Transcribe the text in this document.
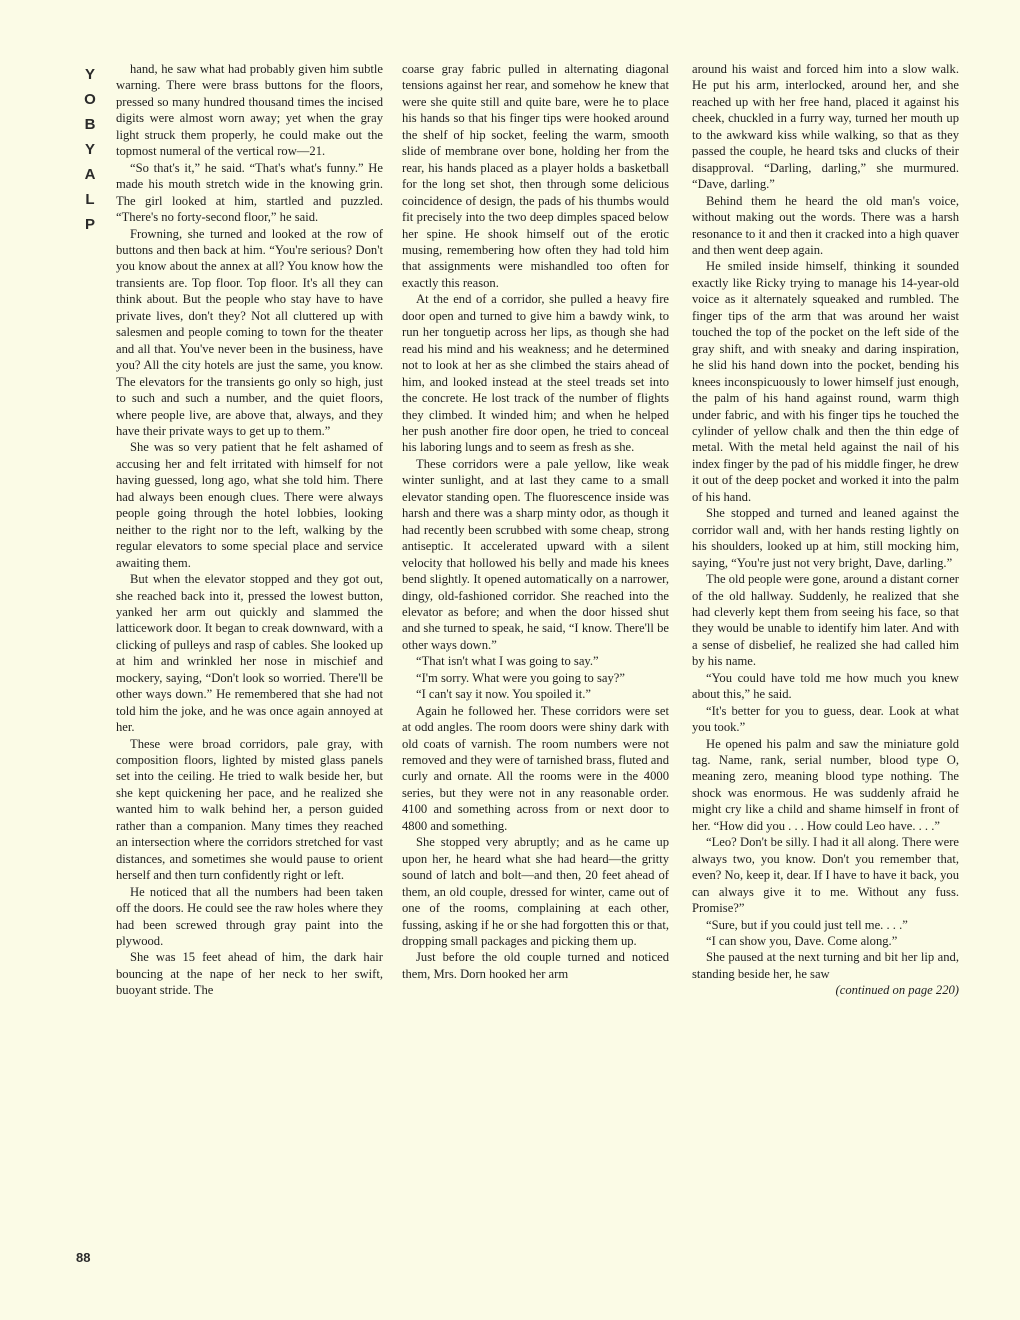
Y
O
B
Y
A
L
P

hand, he saw what had probably given him subtle warning. There were brass buttons for the floors, pressed so many hundred thousand times the incised digits were almost worn away; yet when the gray light struck them properly, he could make out the topmost numeral of the vertical row—21.

“So that's it,” he said. “That's what's funny.” He made his mouth stretch wide in the knowing grin. The girl looked at him, startled and puzzled. “There's no forty-second floor,” he said.

Frowning, she turned and looked at the row of buttons and then back at him. “You're serious? Don't you know about the annex at all? You know how the transients are. Top floor. Top floor. It's all they can think about. But the people who stay have to have private lives, don't they? Not all cluttered up with salesmen and people coming to town for the theater and all that. You've never been in the business, have you? All the city hotels are just the same, you know. The elevators for the transients go only so high, just to such and such a number, and the quiet floors, where people live, are above that, always, and they have their private ways to get up to them.”

She was so very patient that he felt ashamed of accusing her and felt irritated with himself for not having guessed, long ago, what she told him. There had always been enough clues. There were always people going through the hotel lobbies, looking neither to the right nor to the left, walking by the regular elevators to some special place and service awaiting them.

But when the elevator stopped and they got out, she reached back into it, pressed the lowest button, yanked her arm out quickly and slammed the latticework door. It began to creak downward, with a clicking of pulleys and rasp of cables. She looked up at him and wrinkled her nose in mischief and mockery, saying, “Don't look so worried. There'll be other ways down.” He remembered that she had not told him the joke, and he was once again annoyed at her.

These were broad corridors, pale gray, with composition floors, lighted by misted glass panels set into the ceiling. He tried to walk beside her, but she kept quickening her pace, and he realized she wanted him to walk behind her, a person guided rather than a companion. Many times they reached an intersection where the corridors stretched for vast distances, and sometimes she would pause to orient herself and then turn confidently right or left.

He noticed that all the numbers had been taken off the doors. He could see the raw holes where they had been screwed through gray paint into the plywood.

She was 15 feet ahead of him, the dark hair bouncing at the nape of her neck to her swift, buoyant stride. The

coarse gray fabric pulled in alternating diagonal tensions against her rear, and somehow he knew that were she quite still and quite bare, were he to place his hands so that his finger tips were hooked around the shelf of hip socket, feeling the warm, smooth slide of membrane over bone, holding her from the rear, his hands placed as a player holds a basketball for the long set shot, then through some delicious coincidence of design, the pads of his thumbs would fit precisely into the two deep dimples spaced below her spine. He shook himself out of the erotic musing, remembering how often they had told him that assignments were mishandled too often for exactly this reason.

At the end of a corridor, she pulled a heavy fire door open and turned to give him a bawdy wink, to run her tonguetip across her lips, as though she had read his mind and his weakness; and he determined not to look at her as she climbed the stairs ahead of him, and looked instead at the steel treads set into the concrete. He lost track of the number of flights they climbed. It winded him; and when he helped her push another fire door open, he tried to conceal his laboring lungs and to seem as fresh as she.

These corridors were a pale yellow, like weak winter sunlight, and at last they came to a small elevator standing open. The fluorescence inside was harsh and there was a sharp minty odor, as though it had recently been scrubbed with some cheap, strong antiseptic. It accelerated upward with a silent velocity that hollowed his belly and made his knees bend slightly. It opened automatically on a narrower, dingy, old-fashioned corridor. She reached into the elevator as before; and when the door hissed shut and she turned to speak, he said, “I know. There'll be other ways down.”

“That isn't what I was going to say.”

“I'm sorry. What were you going to say?”

“I can't say it now. You spoiled it.”

Again he followed her. These corridors were set at odd angles. The room doors were shiny dark with old coats of varnish. The room numbers were not removed and they were of tarnished brass, fluted and curly and ornate. All the rooms were in the 4000 series, but they were not in any reasonable order. 4100 and something across from or next door to 4800 and something.

She stopped very abruptly; and as he came up upon her, he heard what she had heard—the gritty sound of latch and bolt—and then, 20 feet ahead of them, an old couple, dressed for winter, came out of one of the rooms, complaining at each other, fussing, asking if he or she had forgotten this or that, dropping small packages and picking them up.

Just before the old couple turned and noticed them, Mrs. Dorn hooked her arm

around his waist and forced him into a slow walk. He put his arm, interlocked, around her, and she reached up with her free hand, placed it against his cheek, chuckled in a furry way, turned her mouth up to the awkward kiss while walking, so that as they passed the couple, he heard tsks and clucks of their disapproval. “Darling, darling,” she murmured. “Dave, darling.”

Behind them he heard the old man's voice, without making out the words. There was a harsh resonance to it and then it cracked into a high quaver and then went deep again.

He smiled inside himself, thinking it sounded exactly like Ricky trying to manage his 14-year-old voice as it alternately squeaked and rumbled. The finger tips of the arm that was around her waist touched the top of the pocket on the left side of the gray shift, and with sneaky and daring inspiration, he slid his hand down into the pocket, bending his knees inconspicuously to lower himself just enough, the palm of his hand against round, warm thigh under fabric, and with his finger tips he touched the cylinder of yellow chalk and then the thin edge of metal. With the metal held against the nail of his index finger by the pad of his middle finger, he drew it out of the deep pocket and worked it into the palm of his hand.

She stopped and turned and leaned against the corridor wall and, with her hands resting lightly on his shoulders, looked up at him, still mocking him, saying, “You're just not very bright, Dave, darling.”

The old people were gone, around a distant corner of the old hallway. Suddenly, he realized that she had cleverly kept them from seeing his face, so that they would be unable to identify him later. And with a sense of disbelief, he realized she had called him by his name.

“You could have told me how much you knew about this,” he said.

“It's better for you to guess, dear. Look at what you took.”

He opened his palm and saw the miniature gold tag. Name, rank, serial number, blood type O, meaning zero, meaning blood type nothing. The shock was enormous. He was suddenly afraid he might cry like a child and shame himself in front of her. “How did you . . . How could Leo have. . . .”

“Leo? Don't be silly. I had it all along. There were always two, you know. Don't you remember that, even? No, keep it, dear. If I have to have it back, you can always give it to me. Without any fuss. Promise?”

“Sure, but if you could just tell me. . . .”

“I can show you, Dave. Come along.”

She paused at the next turning and bit her lip and, standing beside her, he saw

(continued on page 220)
88
